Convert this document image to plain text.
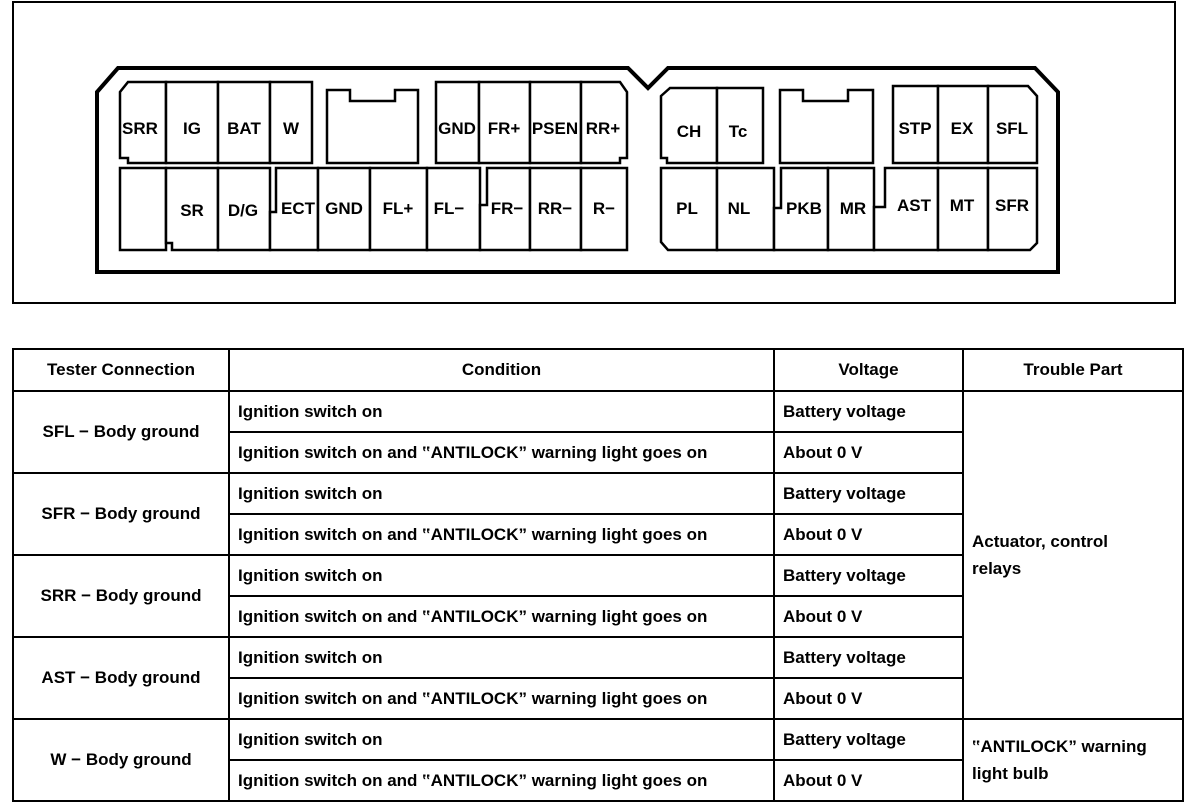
SRR IG BAT W	GND FR+ PSEN RR+	CH Tc	STP EX SFL
SR D/G ECT GND FL+ FL− FR− RR− R−	PL NL PKB MR AST MT SFR
Tester Connection	Condition	Voltage	Trouble Part
SFL − Body ground	Ignition switch on	Battery voltage	Actuator, control
relays
	Ignition switch on and ‟ANTILOCK” warning light goes on	About 0 V	
SFR − Body ground	Ignition switch on	Battery voltage	
	Ignition switch on and ‟ANTILOCK” warning light goes on	About 0 V	
SRR − Body ground	Ignition switch on	Battery voltage	
	Ignition switch on and ‟ANTILOCK” warning light goes on	About 0 V	
AST − Body ground	Ignition switch on	Battery voltage	
	Ignition switch on and ‟ANTILOCK” warning light goes on	About 0 V	
W − Body ground	Ignition switch on	Battery voltage	‟ANTILOCK” warning
light bulb
	Ignition switch on and ‟ANTILOCK” warning light goes on	About 0 V	
